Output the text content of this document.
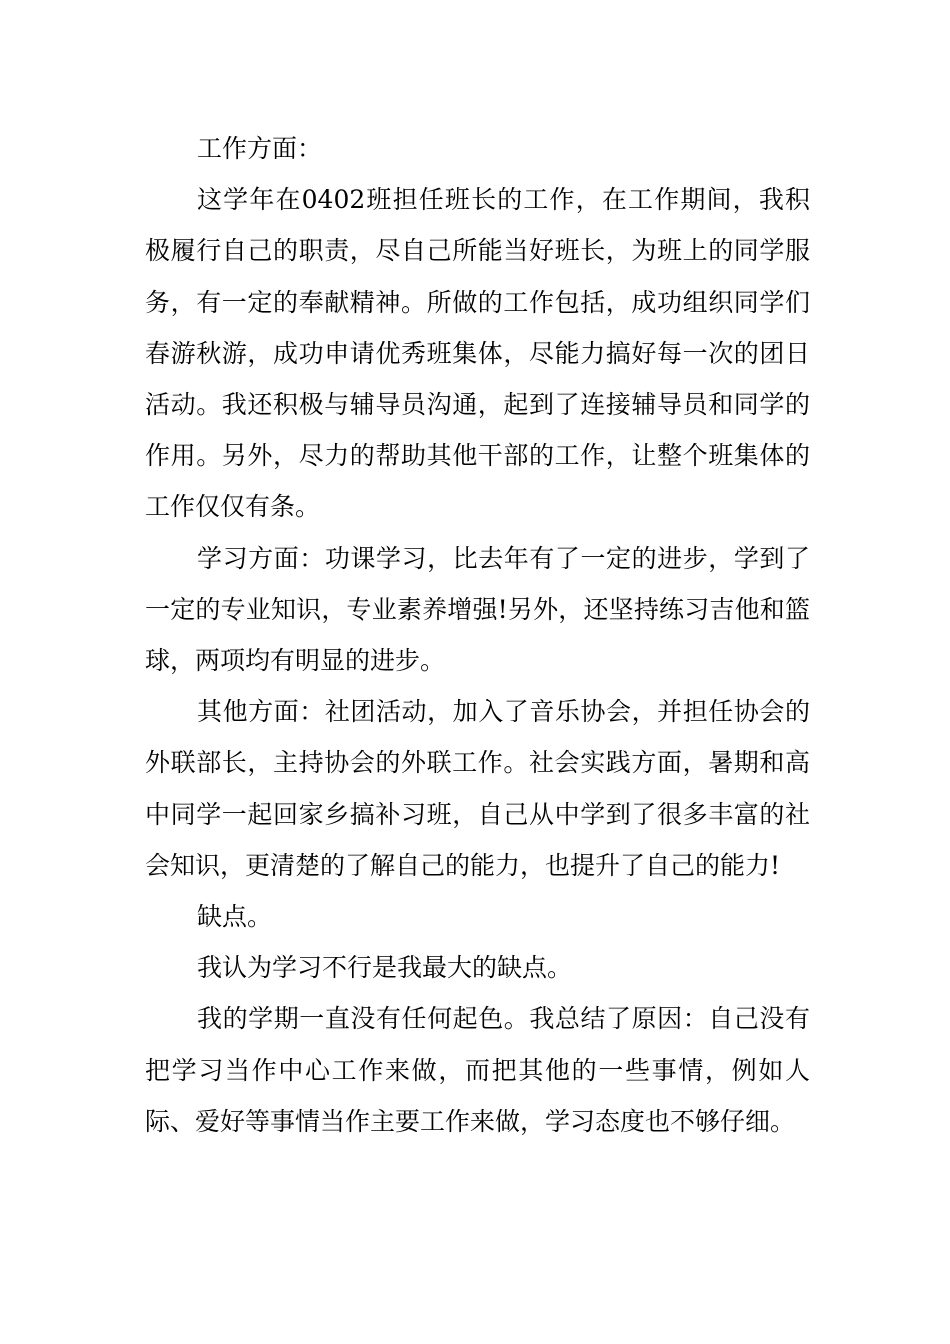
工作方面：

这学年在0402班担任班长的工作，在工作期间，我积极履行自己的职责，尽自己所能当好班长，为班上的同学服务，有一定的奉献精神。所做的工作包括，成功组织同学们春游秋游，成功申请优秀班集体，尽能力搞好每一次的团日活动。我还积极与辅导员沟通，起到了连接辅导员和同学的作用。另外，尽力的帮助其他干部的工作，让整个班集体的工作仅仅有条。

学习方面：功课学习，比去年有了一定的进步，学到了一定的专业知识，专业素养增强!另外，还坚持练习吉他和篮球，两项均有明显的进步。

其他方面：社团活动，加入了音乐协会，并担任协会的外联部长，主持协会的外联工作。社会实践方面，暑期和高中同学一起回家乡搞补习班，自己从中学到了很多丰富的社会知识，更清楚的了解自己的能力，也提升了自己的能力!

缺点。

我认为学习不行是我最大的缺点。

我的学期一直没有任何起色。我总结了原因：自己没有把学习当作中心工作来做，而把其他的一些事情，例如人际、爱好等事情当作主要工作来做，学习态度也不够仔细。
